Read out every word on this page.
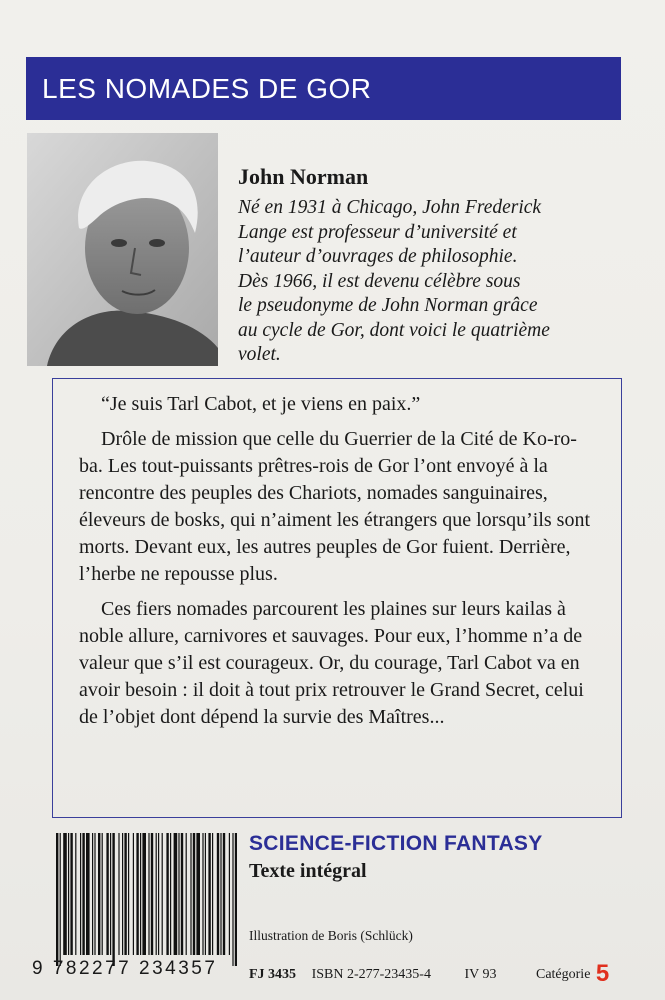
LES NOMADES DE GOR
John Norman
Né en 1931 à Chicago, John Frederick
Lange est professeur d’université et
l’auteur d’ouvrages de philosophie.
Dès 1966, il est devenu célèbre sous
le pseudonyme de John Norman grâce
au cycle de Gor, dont voici le quatrième
volet.

“Je suis Tarl Cabot, et je viens en paix.”

Drôle de mission que celle du Guerrier de la Cité de Ko-ro-ba. Les tout-puissants prêtres-rois de Gor l’ont envoyé à la rencontre des peuples des Chariots, nomades sanguinaires, éleveurs de bosks, qui n’aiment les étrangers que lorsqu’ils sont morts. Devant eux, les autres peuples de Gor fuient. Derrière, l’herbe ne repousse plus.

Ces fiers nomades parcourent les plaines sur leurs kailas à noble allure, carnivores et sauvages. Pour eux, l’homme n’a de valeur que s’il est courageux. Or, du courage, Tarl Cabot va en avoir besoin : il doit à tout prix retrouver le Grand Secret, celui de l’objet dont dépend la survie des Maîtres...

9 782277 234357
SCIENCE-FICTION FANTASY
Texte intégral
Illustration de Boris (Schlück)
FJ 3435 ISBN 2-277-23435-4 IV 93	Catégorie 5
